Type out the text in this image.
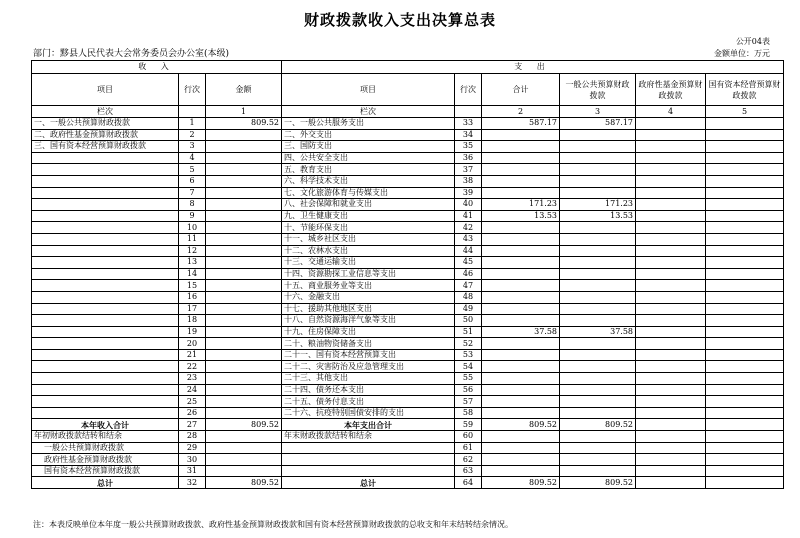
财政拨款收入支出决算总表
公开04表
部门：黟县人民代表大会常务委员会办公室(本级)	金额单位：万元
收 入			支 出					
项目	行次	金额	项目	行次	合计	一般公共预算财政拨款	政府性基金预算财政拨款	国有资本经营预算财政拨款
栏次		1	栏次		2	3	4	5
一、一般公共预算财政拨款	1	809.52	一、一般公共服务支出	33	587.17	587.17		
二、政府性基金预算财政拨款	2		二、外交支出	34				
三、国有资本经营预算财政拨款	3		三、国防支出	35				
	4		四、公共安全支出	36				
	5		五、教育支出	37				
	6		六、科学技术支出	38				
	7		七、文化旅游体育与传媒支出	39				
	8		八、社会保障和就业支出	40	171.23	171.23		
	9		九、卫生健康支出	41	13.53	13.53		
	10		十、节能环保支出	42				
	11		十一、城乡社区支出	43				
	12		十二、农林水支出	44				
	13		十三、交通运输支出	45				
	14		十四、资源勘探工业信息等支出	46				
	15		十五、商业服务业等支出	47				
	16		十六、金融支出	48				
	17		十七、援助其他地区支出	49				
	18		十八、自然资源海洋气象等支出	50				
	19		十九、住房保障支出	51	37.58	37.58		
	20		二十、粮油物资储备支出	52				
	21		二十一、国有资本经营预算支出	53				
	22		二十二、灾害防治及应急管理支出	54				
	23		二十三、其他支出	55				
	24		二十四、债务还本支出	56				
	25		二十五、债务付息支出	57				
	26		二十六、抗疫特别国债安排的支出	58				
本年收入合计	27	809.52	本年支出合计	59	809.52	809.52		
年初财政拨款结转和结余	28		年末财政拨款结转和结余	60				
一般公共预算财政拨款	29			61				
政府性基金预算财政拨款	30			62				
国有资本经营预算财政拨款	31			63				
总计	32	809.52	总计	64	809.52	809.52		
注：本表反映单位本年度一般公共预算财政拨款、政府性基金预算财政拨款和国有资本经营预算财政拨款的总收支和年末结转结余情况。
